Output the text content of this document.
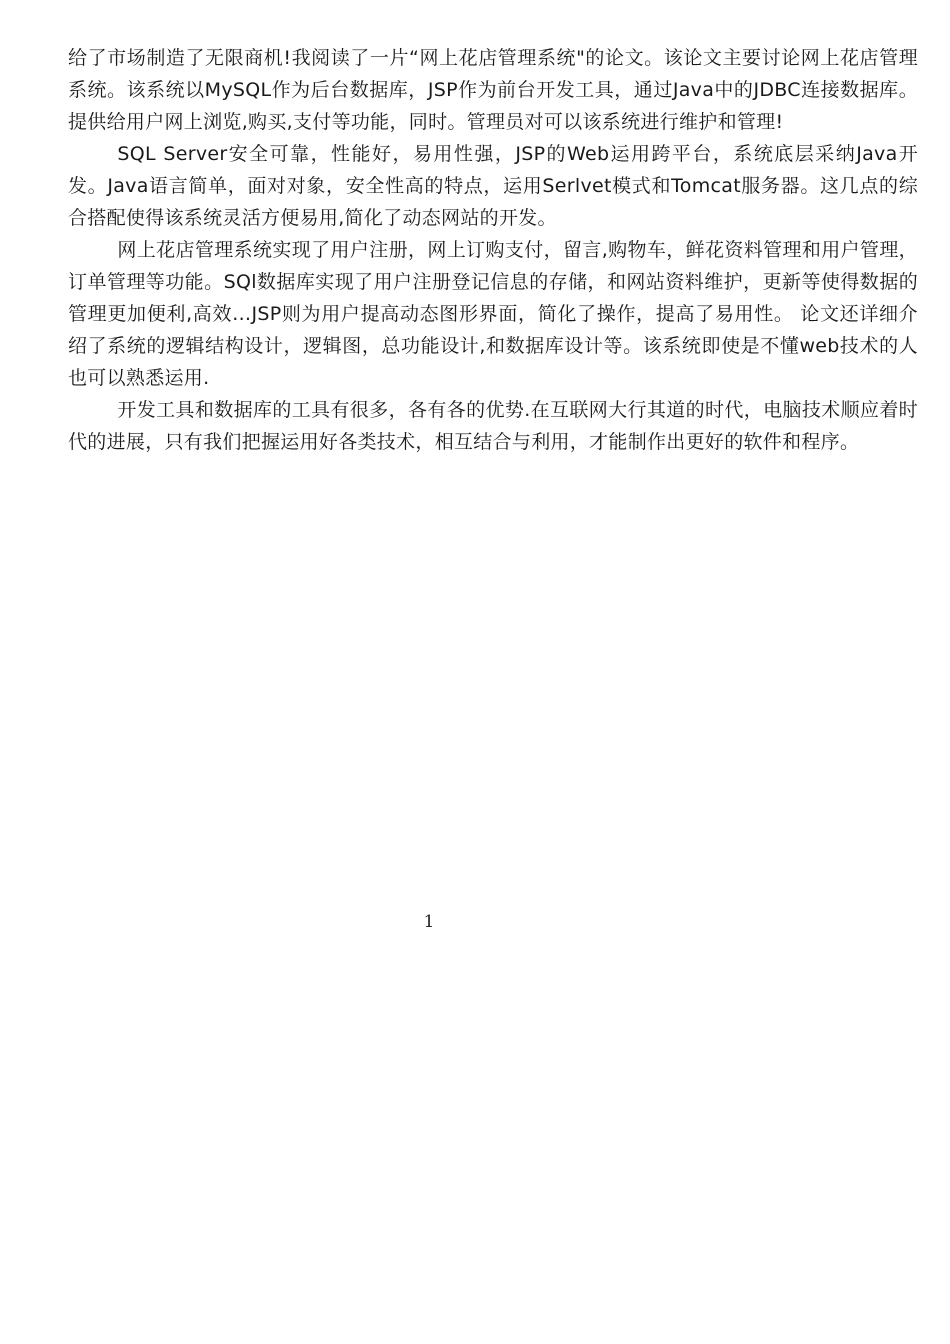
给了市场制造了无限商机!我阅读了一片“网上花店管理系统"的论文。该论文主要讨论网上花店管理系统。该系统以MySQL作为后台数据库，JSP作为前台开发工具，通过Java中的JDBC连接数据库。提供给用户网上浏览,购买,支付等功能，同时。管理员对可以该系统进行维护和管理!

SQL Server安全可靠，性能好，易用性强，JSP的Web运用跨平台，系统底层采纳Java开发。Java语言简单，面对对象，安全性高的特点，运用Serlvet模式和Tomcat服务器。这几点的综合搭配使得该系统灵活方便易用,简化了动态网站的开发。

网上花店管理系统实现了用户注册，网上订购支付，留言,购物车，鲜花资料管理和用户管理，订单管理等功能。SQl数据库实现了用户注册登记信息的存储，和网站资料维护，更新等使得数据的管理更加便利,高效…JSP则为用户提高动态图形界面，简化了操作，提高了易用性。 论文还详细介绍了系统的逻辑结构设计，逻辑图，总功能设计,和数据库设计等。该系统即使是不懂web技术的人也可以熟悉运用.

开发工具和数据库的工具有很多，各有各的优势.在互联网大行其道的时代，电脑技术顺应着时代的进展，只有我们把握运用好各类技术，相互结合与利用，才能制作出更好的软件和程序。

1
